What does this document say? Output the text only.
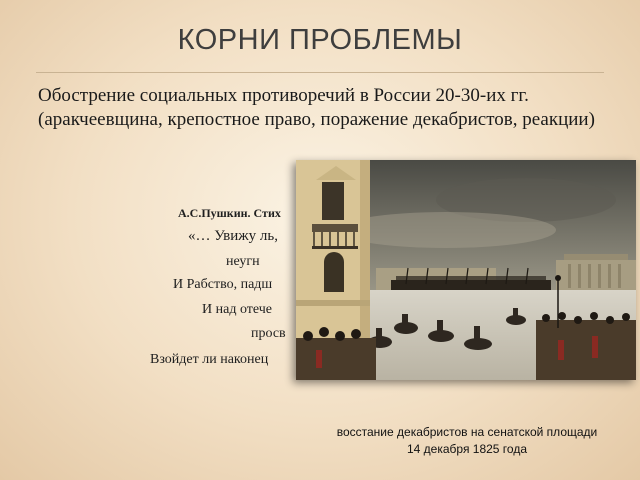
КОРНИ ПРОБЛЕМЫ
Обострение социальных противоречий в России 20-30-их гг. (аракчеевщина, крепостное право, поражение декабристов, реакции)
А.С.Пушкин. Стих
«… Увижу ль,
неугн
И Рабство, падш
И над отече
просв
Взойдет ли наконец
восстание декабристов на сенатской площади
14 декабря 1825 года
